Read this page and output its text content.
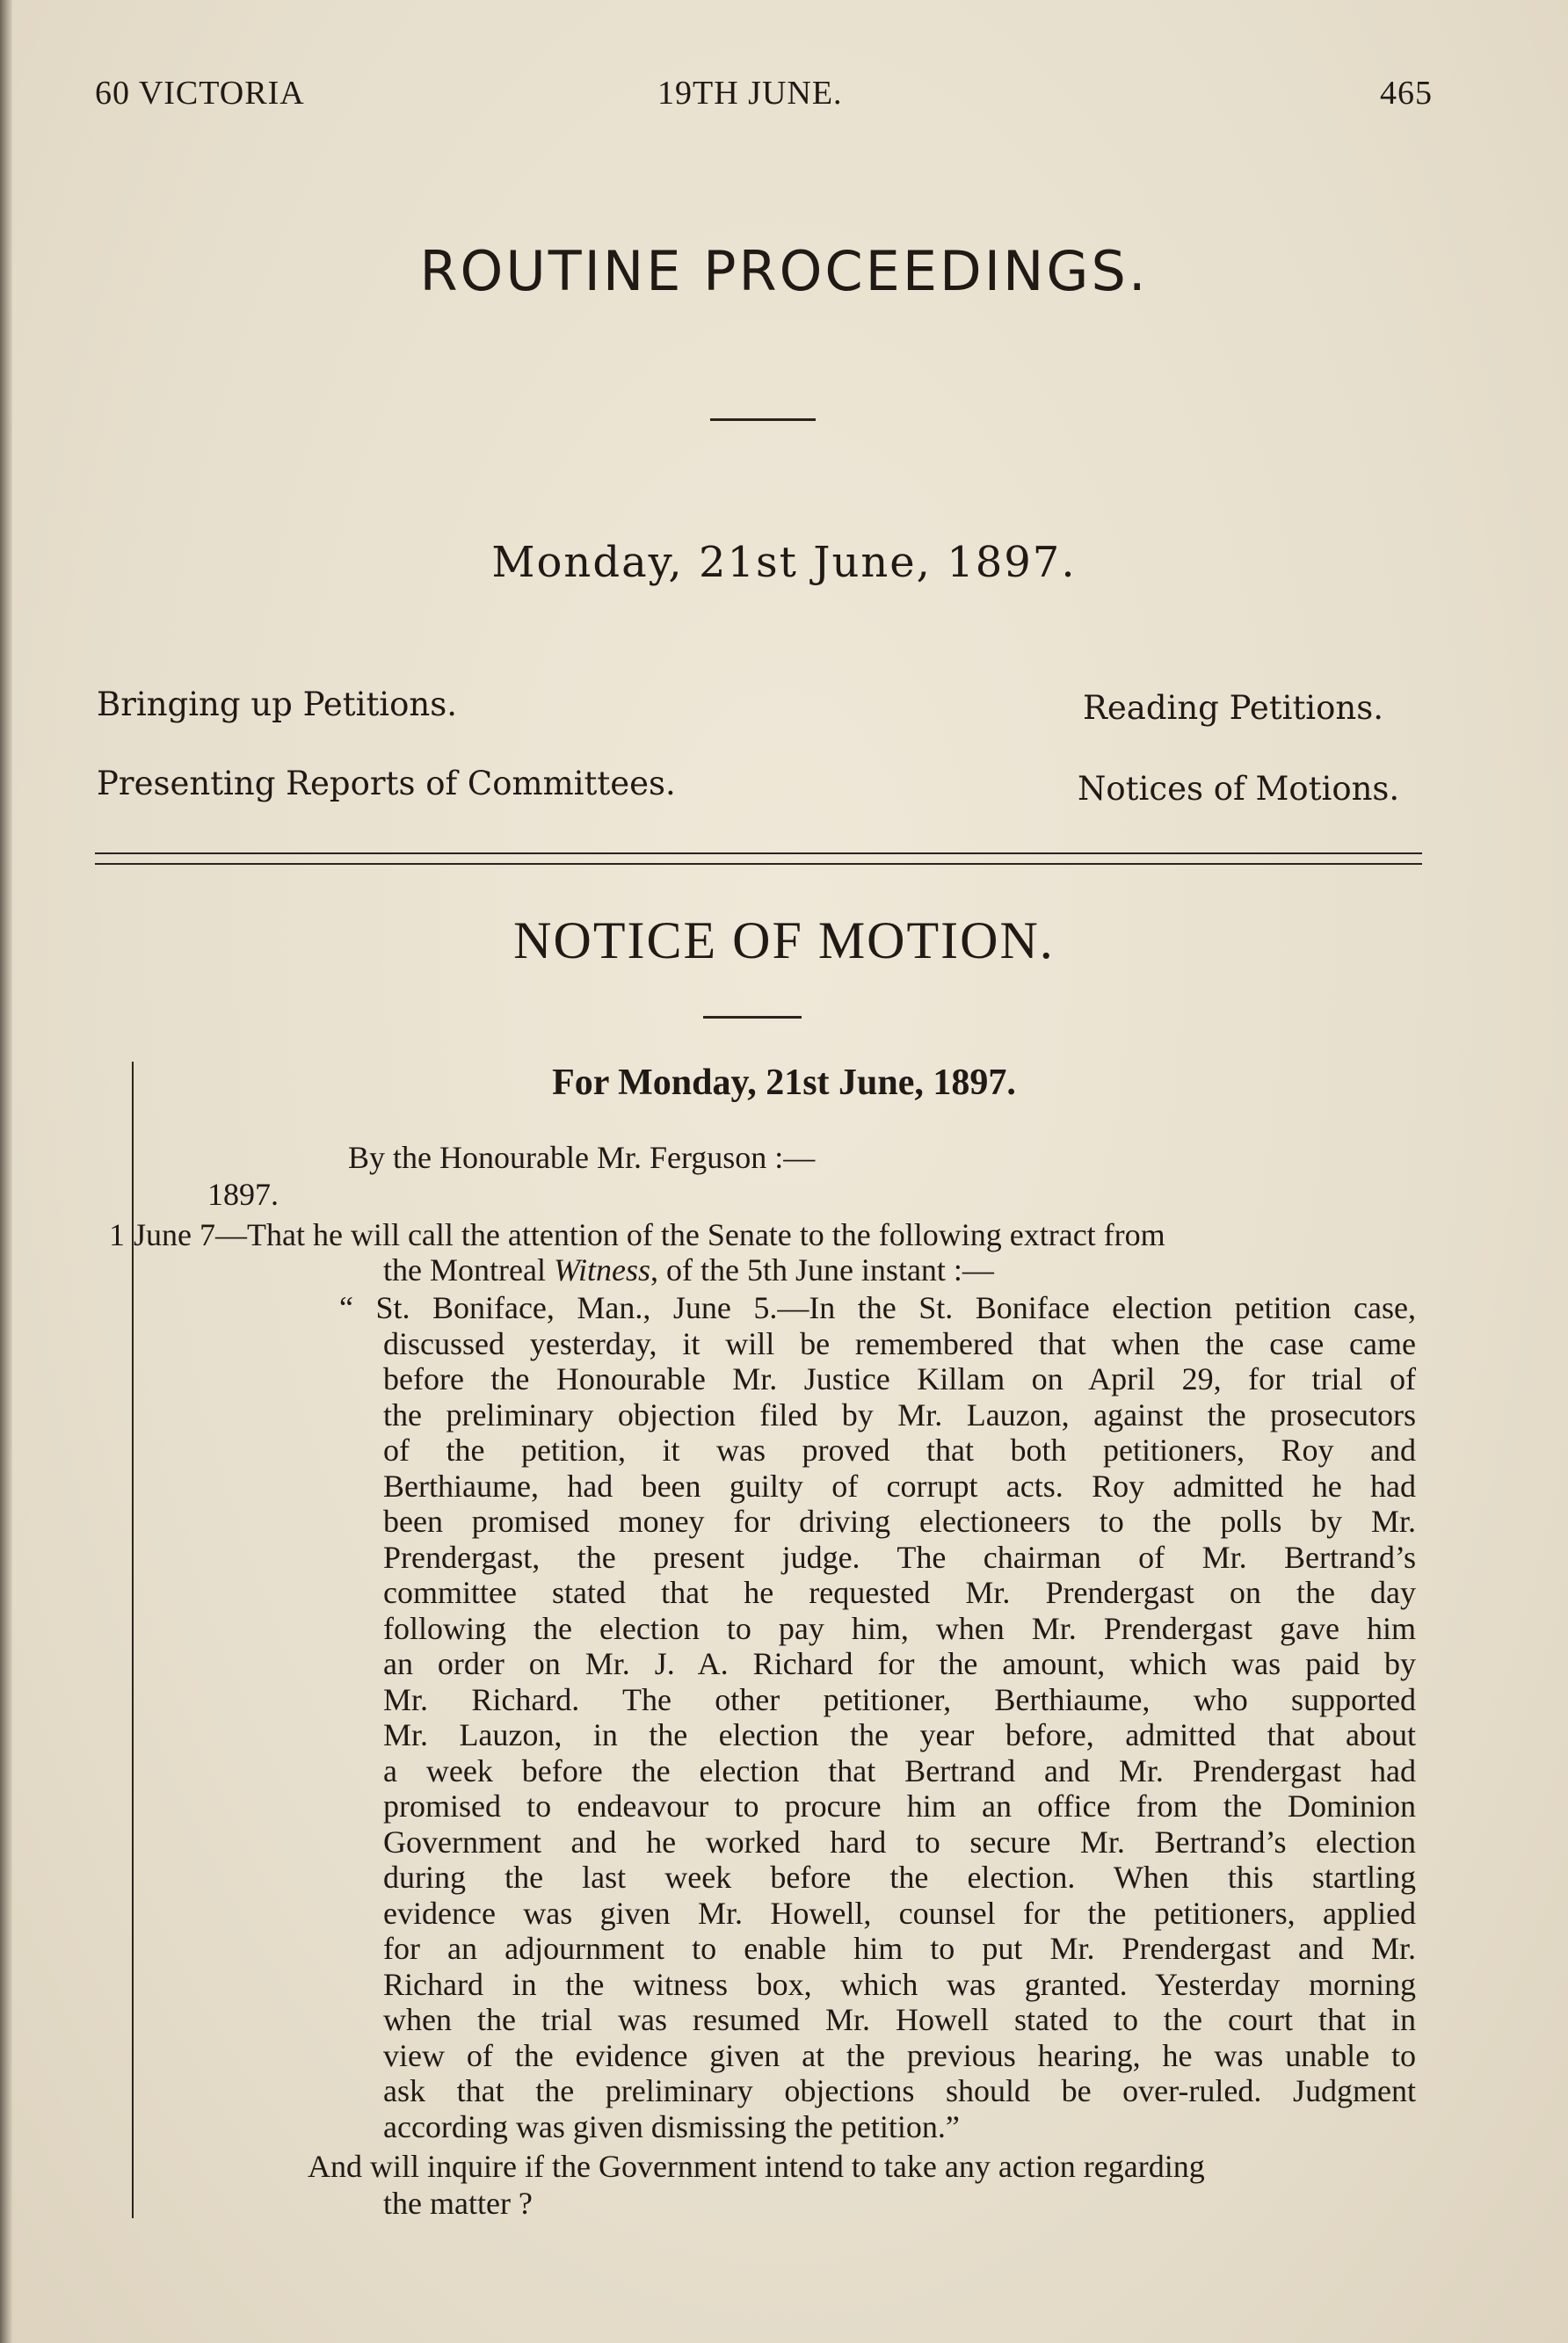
60 VICTORIA	19TH JUNE.	465
ROUTINE PROCEEDINGS.
Monday, 21st June, 1897.
Bringing up Petitions.	Reading Petitions.
Presenting Reports of Committees.	Notices of Motions.
NOTICE OF MOTION.
For Monday, 21st June, 1897.
By the Honourable Mr. Ferguson :—
1897.
1 June 7—That he will call the attention of the Senate to the following extract from
the Montreal Witness, of the 5th June instant :—
“ St. Boniface, Man., June 5.—In the St. Boniface election petition case,
discussed yesterday, it will be remembered that when the case came
before the Honourable Mr. Justice Killam on April 29, for trial of
the preliminary objection filed by Mr. Lauzon, against the prosecutors
of the petition, it was proved that both petitioners, Roy and
Berthiaume, had been guilty of corrupt acts. Roy admitted he had
been promised money for driving electioneers to the polls by Mr.
Prendergast, the present judge. The chairman of Mr. Bertrand’s
committee stated that he requested Mr. Prendergast on the day
following the election to pay him, when Mr. Prendergast gave him
an order on Mr. J. A. Richard for the amount, which was paid by
Mr. Richard. The other petitioner, Berthiaume, who supported
Mr. Lauzon, in the election the year before, admitted that about
a week before the election that Bertrand and Mr. Prendergast had
promised to endeavour to procure him an office from the Dominion
Government and he worked hard to secure Mr. Bertrand’s election
during the last week before the election. When this startling
evidence was given Mr. Howell, counsel for the petitioners, applied
for an adjournment to enable him to put Mr. Prendergast and Mr.
Richard in the witness box, which was granted. Yesterday morning
when the trial was resumed Mr. Howell stated to the court that in
view of the evidence given at the previous hearing, he was unable to
ask that the preliminary objections should be over-ruled. Judgment
according was given dismissing the petition.”
And will inquire if the Government intend to take any action regarding
the matter ?
